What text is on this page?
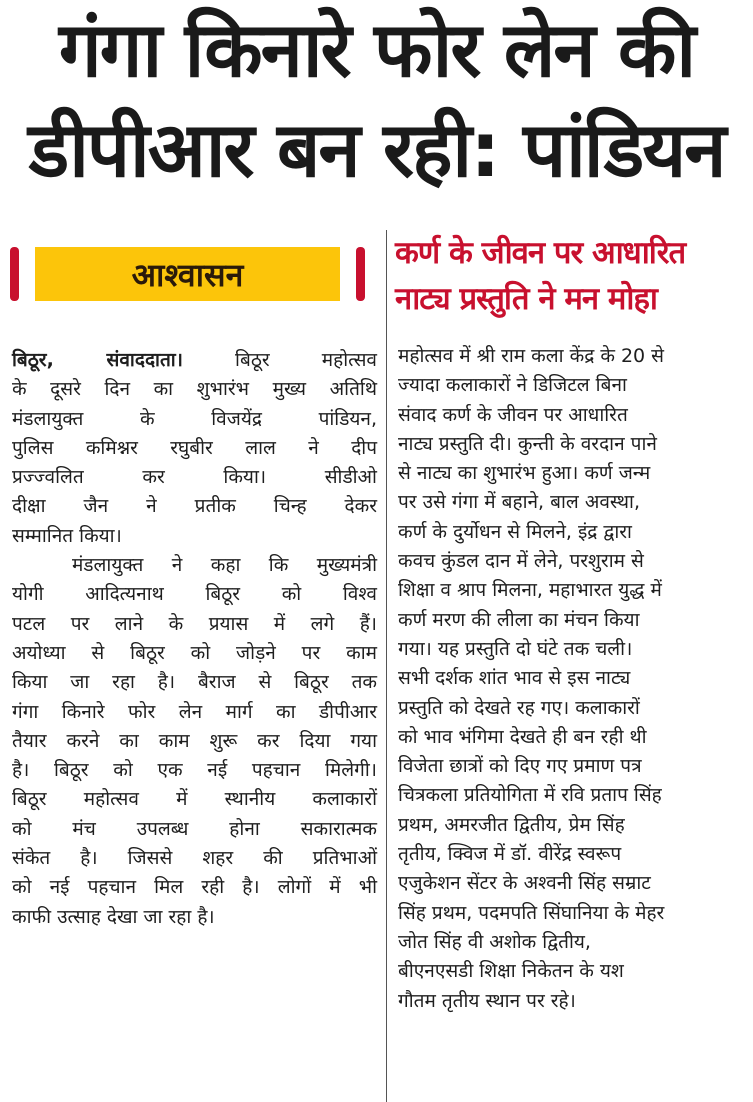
गंगा किनारे फोर लेन की
डीपीआर बन रही: पांडियन
आश्वासन
कर्ण के जीवन पर आधारित
नाट्य प्रस्तुति ने मन मोहा
बिठूर, संवाददाता। बिठूर महोत्सव
के दूसरे दिन का शुभारंभ मुख्य अतिथि
मंडलायुक्त के विजयेंद्र पांडियन,
पुलिस कमिश्नर रघुबीर लाल ने दीप
प्रज्ज्वलित कर किया। सीडीओ
दीक्षा जैन ने प्रतीक चिन्ह देकर
सम्मानित किया।
मंडलायुक्त ने कहा कि मुख्यमंत्री
योगी आदित्यनाथ बिठूर को विश्व
पटल पर लाने के प्रयास में लगे हैं।
अयोध्या से बिठूर को जोड़ने पर काम
किया जा रहा है। बैराज से बिठूर तक
गंगा किनारे फोर लेन मार्ग का डीपीआर
तैयार करने का काम शुरू कर दिया गया
है। बिठूर को एक नई पहचान मिलेगी।
बिठूर महोत्सव में स्थानीय कलाकारों
को मंच उपलब्ध होना सकारात्मक
संकेत है। जिससे शहर की प्रतिभाओं
को नई पहचान मिल रही है। लोगों में भी
काफी उत्साह देखा जा रहा है।
महोत्सव में श्री राम कला केंद्र के 20 से
ज्यादा कलाकारों ने डिजिटल बिना
संवाद कर्ण के जीवन पर आधारित
नाट्य प्रस्तुति दी। कुन्ती के वरदान पाने
से नाट्य का शुभारंभ हुआ। कर्ण जन्म
पर उसे गंगा में बहाने, बाल अवस्था,
कर्ण के दुर्योधन से मिलने, इंद्र द्वारा
कवच कुंडल दान में लेने, परशुराम से
शिक्षा व श्राप मिलना, महाभारत युद्ध में
कर्ण मरण की लीला का मंचन किया
गया। यह प्रस्तुति दो घंटे तक चली।
सभी दर्शक शांत भाव से इस नाट्य
प्रस्तुति को देखते रह गए। कलाकारों
को भाव भंगिमा देखते ही बन रही थी
विजेता छात्रों को दिए गए प्रमाण पत्र
चित्रकला प्रतियोगिता में रवि प्रताप सिंह
प्रथम, अमरजीत द्वितीय, प्रेम सिंह
तृतीय, क्विज में डॉ. वीरेंद्र स्वरूप
एजुकेशन सेंटर के अश्वनी सिंह सम्राट
सिंह प्रथम, पदमपति सिंघानिया के मेहर
जोत सिंह वी अशोक द्वितीय,
बीएनएसडी शिक्षा निकेतन के यश
गौतम तृतीय स्थान पर रहे।
